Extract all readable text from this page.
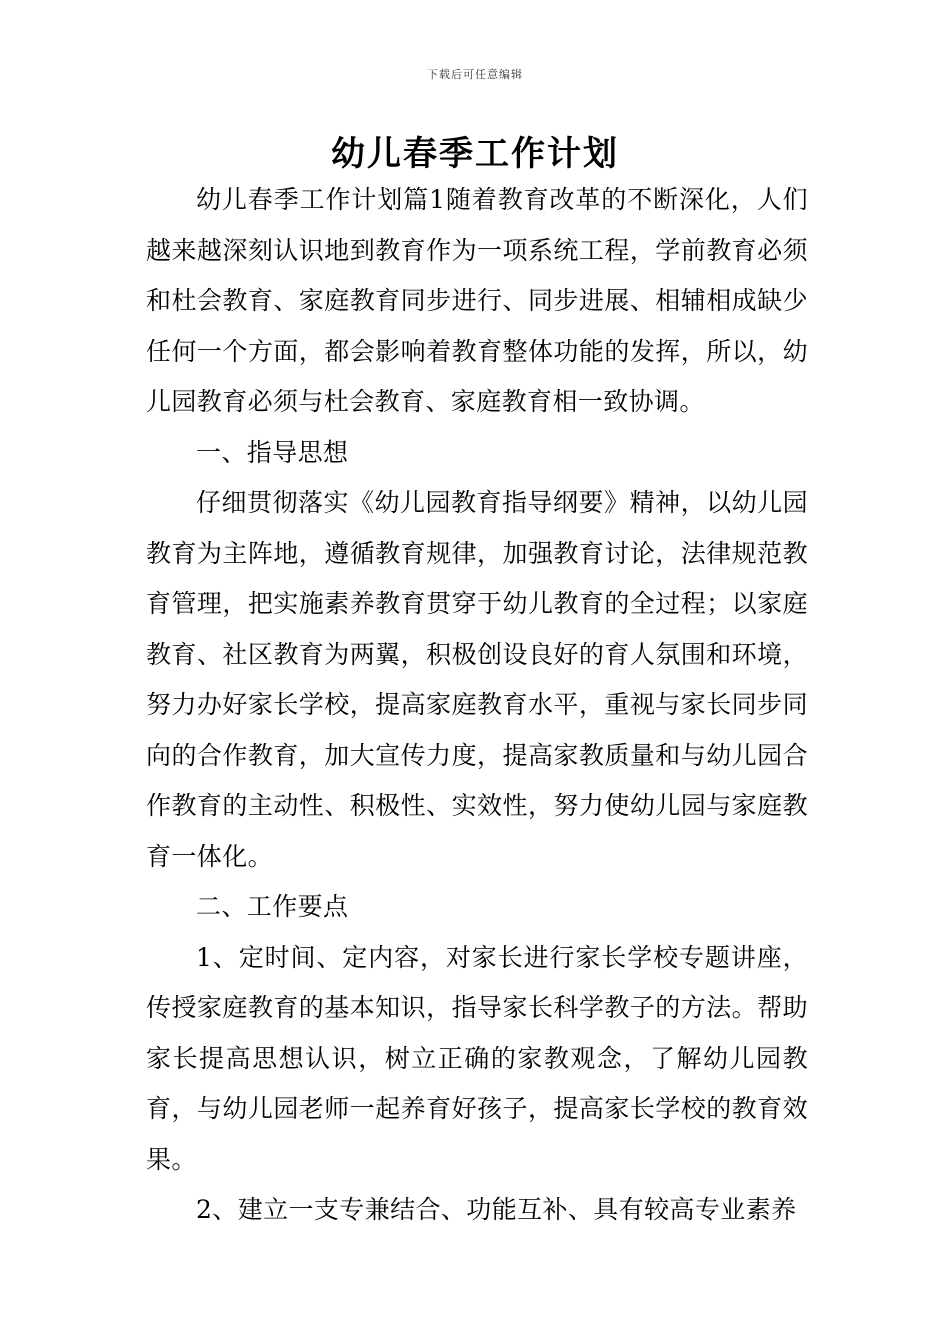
下载后可任意编辑
幼儿春季工作计划

幼儿春季工作计划篇1随着教育改革的不断深化，人们越来越深刻认识地到教育作为一项系统工程，学前教育必须和杜会教育、家庭教育同步进行、同步进展、相辅相成缺少任何一个方面，都会影响着教育整体功能的发挥，所以，幼儿园教育必须与杜会教育、家庭教育相一致协调。

一、指导思想

仔细贯彻落实《幼儿园教育指导纲要》精神，以幼儿园教育为主阵地，遵循教育规律，加强教育讨论，法律规范教育管理，把实施素养教育贯穿于幼儿教育的全过程；以家庭教育、社区教育为两翼，积极创设良好的育人氛围和环境，努力办好家长学校，提高家庭教育水平，重视与家长同步同向的合作教育，加大宣传力度，提高家教质量和与幼儿园合作教育的主动性、积极性、实效性，努力使幼儿园与家庭教育一体化。

二、工作要点

1、定时间、定内容，对家长进行家长学校专题讲座，传授家庭教育的基本知识，指导家长科学教子的方法。帮助家长提高思想认识，树立正确的家教观念，了解幼儿园教育，与幼儿园老师一起养育好孩子，提高家长学校的教育效果。

2、建立一支专兼结合、功能互补、具有较高专业素养
